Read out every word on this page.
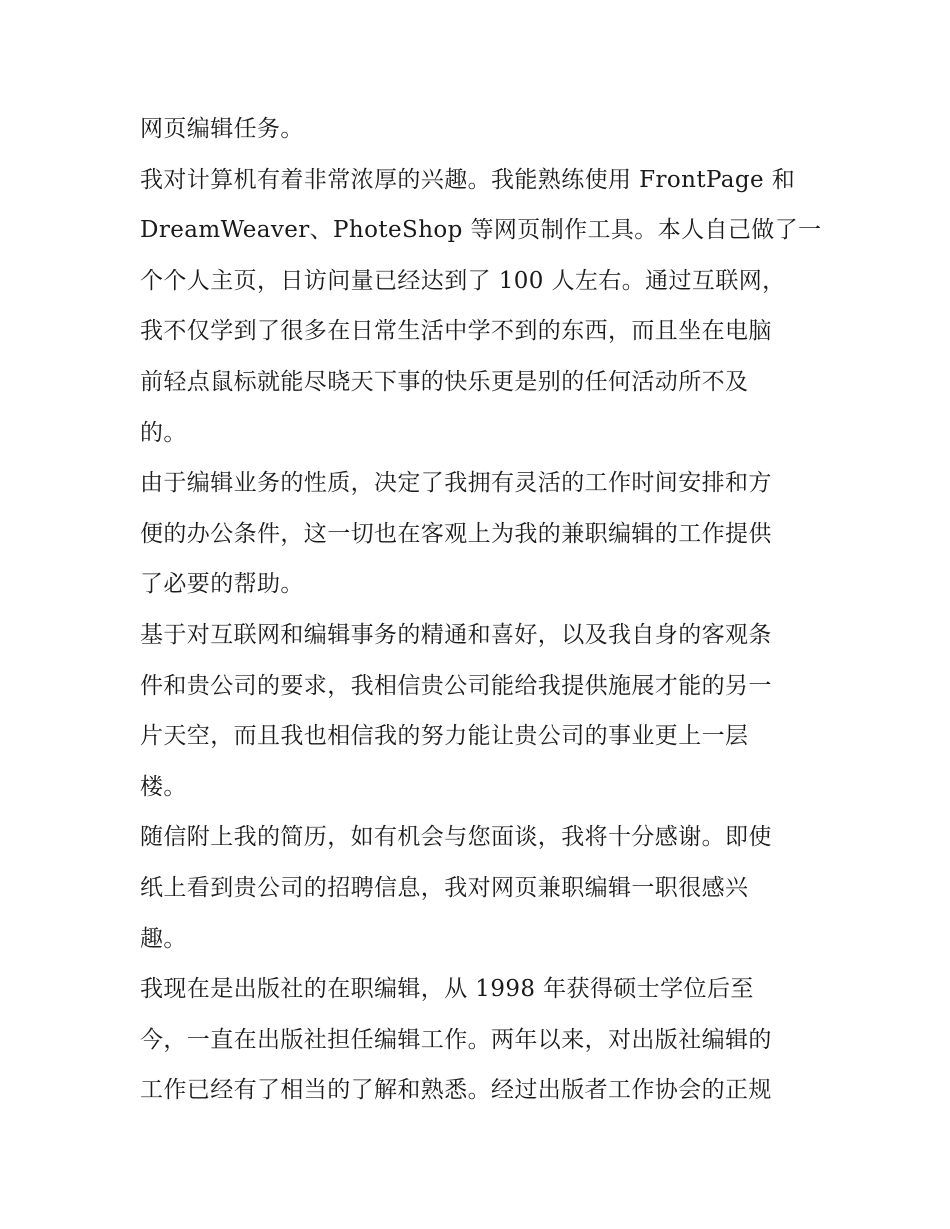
网页编辑任务。
我对计算机有着非常浓厚的兴趣。我能熟练使用 FrontPage 和
DreamWeaver、PhoteShop 等网页制作工具。本人自己做了一
个个人主页，日访问量已经达到了 100 人左右。通过互联网，
我不仅学到了很多在日常生活中学不到的东西，而且坐在电脑
前轻点鼠标就能尽晓天下事的快乐更是别的任何活动所不及
的。
由于编辑业务的性质，决定了我拥有灵活的工作时间安排和方
便的办公条件，这一切也在客观上为我的兼职编辑的工作提供
了必要的帮助。
基于对互联网和编辑事务的精通和喜好，以及我自身的客观条
件和贵公司的要求，我相信贵公司能给我提供施展才能的另一
片天空，而且我也相信我的努力能让贵公司的事业更上一层
楼。
随信附上我的简历，如有机会与您面谈，我将十分感谢。即使
纸上看到贵公司的招聘信息，我对网页兼职编辑一职很感兴
趣。
我现在是出版社的在职编辑，从 1998 年获得硕士学位后至
今，一直在出版社担任编辑工作。两年以来，对出版社编辑的
工作已经有了相当的了解和熟悉。经过出版者工作协会的正规
